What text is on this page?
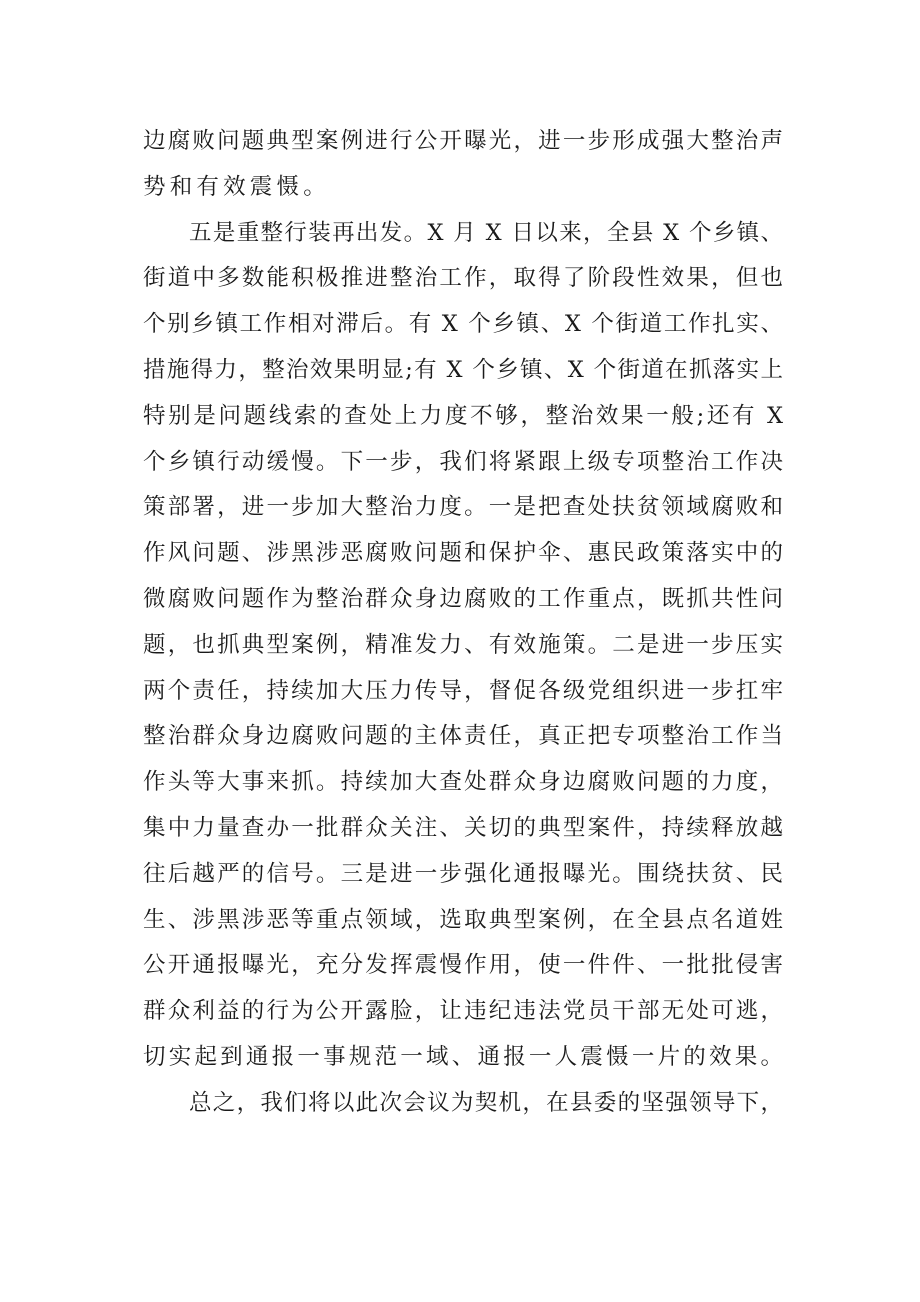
边腐败问题典型案例进行公开曝光，进一步形成强大整治声
势和有效震慑。
五是重整行装再出发。X 月 X 日以来，全县 X 个乡镇、
街道中多数能积极推进整治工作，取得了阶段性效果，但也
个别乡镇工作相对滞后。有 X 个乡镇、X 个街道工作扎实、
措施得力，整治效果明显;有 X 个乡镇、X 个街道在抓落实上
特别是问题线索的查处上力度不够，整治效果一般;还有 X
个乡镇行动缓慢。下一步，我们将紧跟上级专项整治工作决
策部署，进一步加大整治力度。一是把查处扶贫领域腐败和
作风问题、涉黑涉恶腐败问题和保护伞、惠民政策落实中的
微腐败问题作为整治群众身边腐败的工作重点，既抓共性问
题，也抓典型案例，精准发力、有效施策。二是进一步压实
两个责任，持续加大压力传导，督促各级党组织进一步扛牢
整治群众身边腐败问题的主体责任，真正把专项整治工作当
作头等大事来抓。持续加大查处群众身边腐败问题的力度，
集中力量查办一批群众关注、关切的典型案件，持续释放越
往后越严的信号。三是进一步强化通报曝光。围绕扶贫、民
生、涉黑涉恶等重点领域，选取典型案例，在全县点名道姓
公开通报曝光，充分发挥震慢作用，使一件件、一批批侵害
群众利益的行为公开露脸，让违纪违法党员干部无处可逃，
切实起到通报一事规范一域、通报一人震慑一片的效果。
总之，我们将以此次会议为契机，在县委的坚强领导下，
